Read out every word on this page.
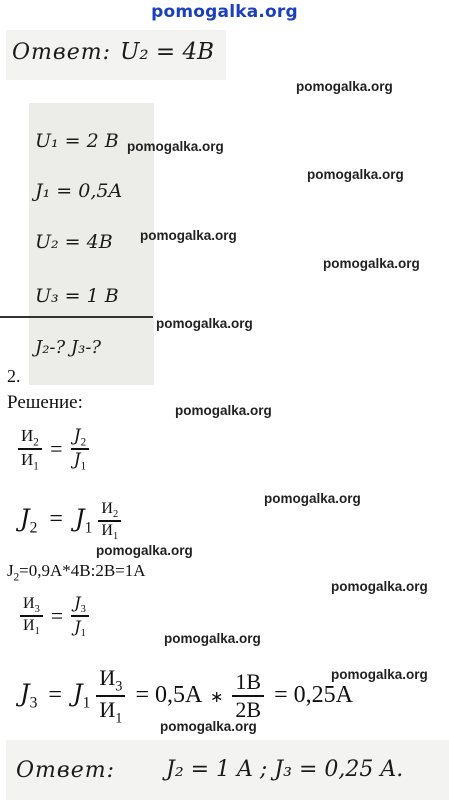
pomogalka.org
Ответ: U₂ = 4B
U₁ = 2 B
J₁ = 0,5A
U₂ = 4B
U₃ = 1 B
J₂-? J₃-?
2.
Решение:
$\frac{И_2}{И_1} = \frac{J_2}{J_1}$
$J_2 = J_1 \frac{И_2}{И_1}$
$J_2=0,9A*4B:2B=1A$
$\frac{И_3}{И_1} = \frac{J_3}{J_1}$
$J_3 = J_1 \frac{И_3}{И_1} = 0,5A$ ∗ $\frac{1B}{2B} = 0,25A$
Ответ: J₂ = 1 A ; J₃ = 0,25 A.
pomogalka.org
pomogalka.org
pomogalka.org
pomogalka.org
pomogalka.org
pomogalka.org
pomogalka.org
pomogalka.org
pomogalka.org
pomogalka.org
pomogalka.org
pomogalka.org
pomogalka.org
